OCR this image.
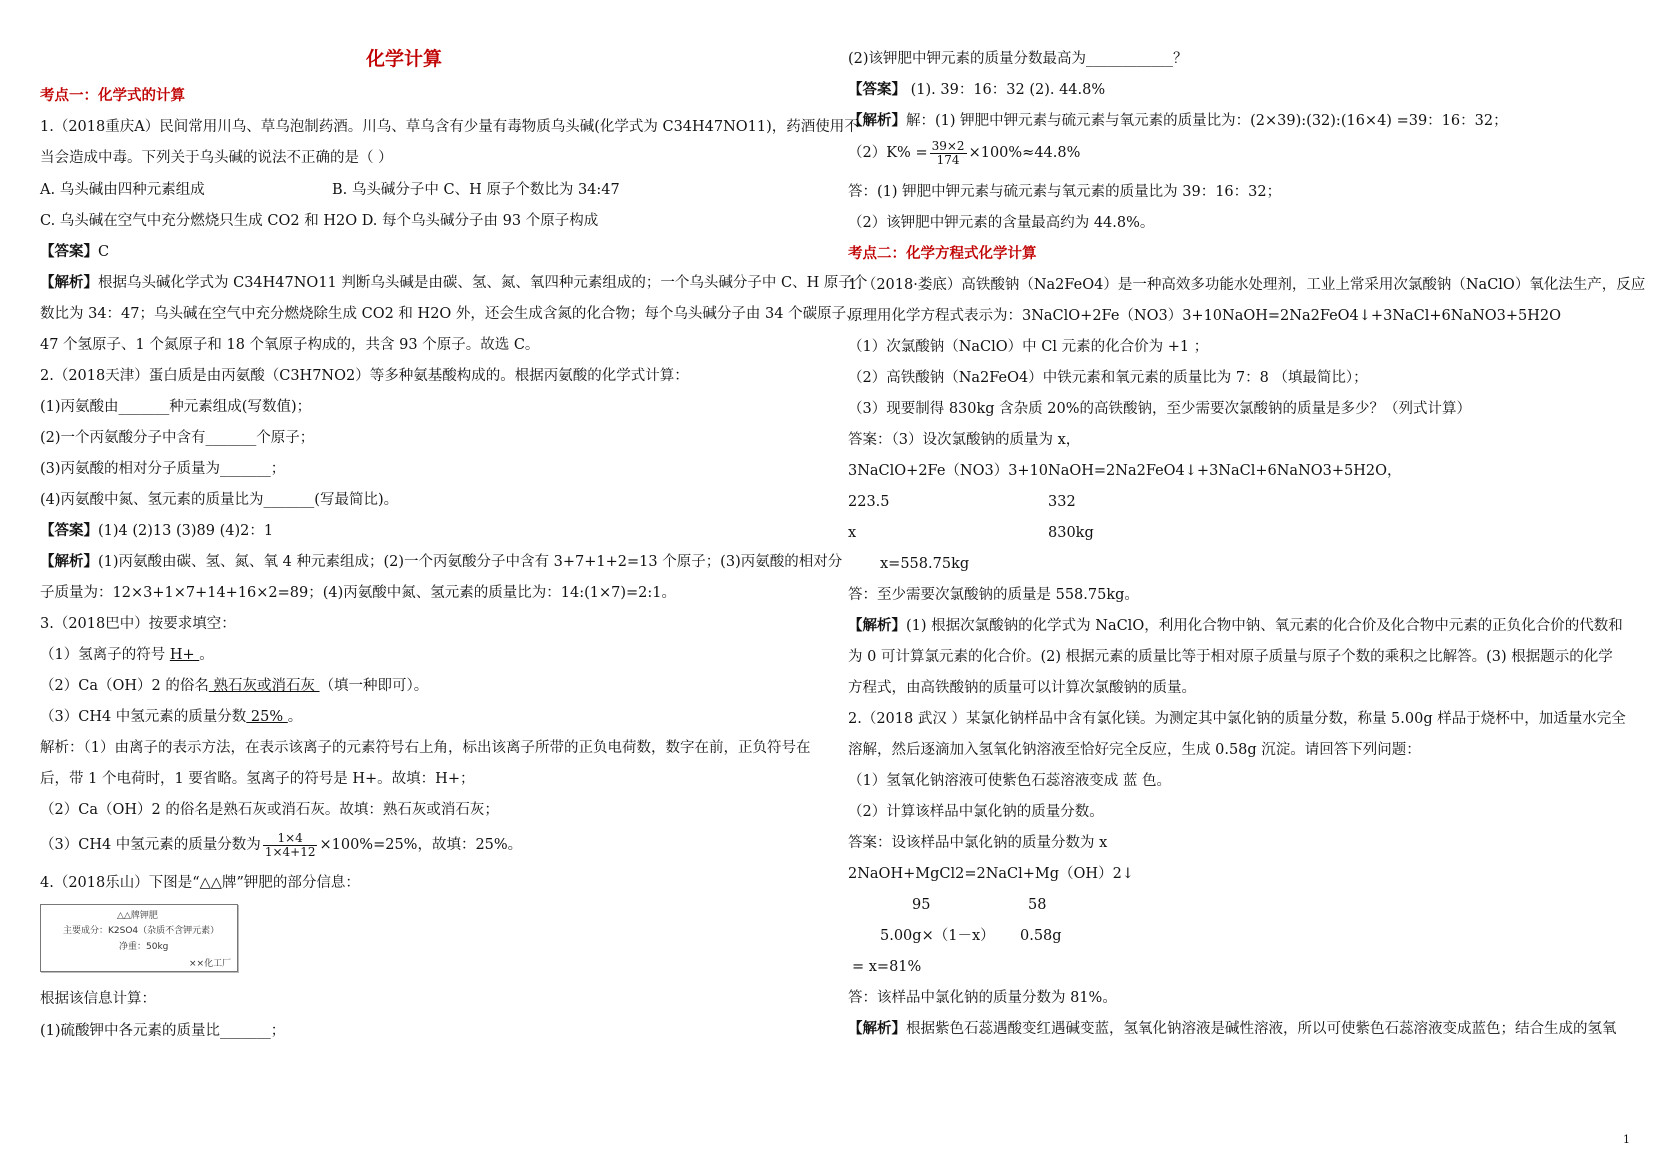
化学计算
考点一：化学式的计算
1.（2018重庆A）民间常用川乌、草乌泡制药酒。川乌、草乌含有少量有毒物质乌头碱(化学式为 C34H47NO11)，药酒使用不
当会造成中毒。下列关于乌头碱的说法不正确的是（ ）
A. 乌头碱由四种元素组成	B. 乌头碱分子中 C、H 原子个数比为 34:47
C. 乌头碱在空气中充分燃烧只生成 CO2 和 H2O D. 每个乌头碱分子由 93 个原子构成
【答案】C
【解析】根据乌头碱化学式为 C34H47NO11 判断乌头碱是由碳、氢、氮、氧四种元素组成的；一个乌头碱分子中 C、H 原子个
数比为 34：47；乌头碱在空气中充分燃烧除生成 CO2 和 H2O 外，还会生成含氮的化合物；每个乌头碱分子由 34 个碳原子、
47 个氢原子、1 个氮原子和 18 个氧原子构成的，共含 93 个原子。故选 C。
2.（2018天津）蛋白质是由丙氨酸（C3H7NO2）等多种氨基酸构成的。根据丙氨酸的化学式计算：
(1)丙氨酸由_______种元素组成(写数值)；
(2)一个丙氨酸分子中含有_______个原子；
(3)丙氨酸的相对分子质量为_______；
(4)丙氨酸中氮、氢元素的质量比为_______(写最简比)。
【答案】(1)4 (2)13 (3)89 (4)2：1
【解析】(1)丙氨酸由碳、氢、氮、氧 4 种元素组成；(2)一个丙氨酸分子中含有 3+7+1+2=13 个原子；(3)丙氨酸的相对分
子质量为：12×3+1×7+14+16×2=89；(4)丙氨酸中氮、氢元素的质量比为：14:(1×7)=2:1。
3.（2018巴中）按要求填空：
（1）氢离子的符号 H+ 。
（2）Ca（OH）2 的俗名 熟石灰或消石灰 （填一种即可）。
（3）CH4 中氢元素的质量分数 25% 。
解析：（1）由离子的表示方法，在表示该离子的元素符号右上角，标出该离子所带的正负电荷数，数字在前，正负符号在
后，带 1 个电荷时，1 要省略。氢离子的符号是 H+。故填：H+；
（2）Ca（OH）2 的俗名是熟石灰或消石灰。故填：熟石灰或消石灰；
（3）CH4 中氢元素的质量分数为 $\frac{1\times 4}{1\times 4+12} \times 100\%=25\%$，故填：25%。
4.（2018乐山）下图是“△△牌”钾肥的部分信息：
△△牌钾肥
主要成分：K2SO4（杂质不含钾元素）
净重：50kg
××化工厂
根据该信息计算：
(1)硫酸钾中各元素的质量比_______；
(2)该钾肥中钾元素的质量分数最高为____________？
【答案】 (1). 39：16：32 (2). 44.8%
【解析】解：(1) 钾肥中钾元素与硫元素与氧元素的质量比为：(2×39):(32):(16×4) =39：16：32；
$(2)K\% = \frac{39\times 2}{174} \times 100\%\approx 44.8\%$
答：(1) 钾肥中钾元素与硫元素与氧元素的质量比为 39：16：32；
（2）该钾肥中钾元素的含量最高约为 44.8%。
考点二：化学方程式化学计算
1.（2018·娄底）高铁酸钠（Na2FeO4）是一种高效多功能水处理剂，工业上常采用次氯酸钠（NaClO）氧化法生产，反应
原理用化学方程式表示为：3NaClO+2Fe（NO3）3+10NaOH=2Na2FeO4↓+3NaCl+6NaNO3+5H2O
（1）次氯酸钠（NaClO）中 Cl 元素的化合价为 +1 ；
（2）高铁酸钠（Na2FeO4）中铁元素和氧元素的质量比为 7：8 （填最简比）；
（3）现要制得 830kg 含杂质 20%的高铁酸钠，至少需要次氯酸钠的质量是多少？（列式计算）
答案：（3）设次氯酸钠的质量为 x，
3NaClO+2Fe（NO3）3+10NaOH=2Na2FeO4↓+3NaCl+6NaNO3+5H2O，
223.5	332
x	830kg
x=558.75kg
答：至少需要次氯酸钠的质量是 558.75kg。
【解析】(1) 根据次氯酸钠的化学式为 NaClO，利用化合物中钠、氧元素的化合价及化合物中元素的正负化合价的代数和
为 0 可计算氯元素的化合价。(2) 根据元素的质量比等于相对原子质量与原子个数的乘积之比解答。(3) 根据题示的化学
方程式，由高铁酸钠的质量可以计算次氯酸钠的质量。
2.（2018 武汉 ）某氯化钠样品中含有氯化镁。为测定其中氯化钠的质量分数，称量 5.00g 样品于烧杯中，加适量水完全
溶解，然后逐滴加入氢氧化钠溶液至恰好完全反应，生成 0.58g 沉淀。请回答下列问题：
（1）氢氧化钠溶液可使紫色石蕊溶液变成 蓝 色。
（2）计算该样品中氯化钠的质量分数。
答案：设该样品中氯化钠的质量分数为 x
2NaOH+MgCl2=2NaCl+Mg（OH）2↓
95	58
5.00g×（1－x） 0.58g
= x=81%
答：该样品中氯化钠的质量分数为 81%。
【解析】根据紫色石蕊遇酸变红遇碱变蓝，氢氧化钠溶液是碱性溶液，所以可使紫色石蕊溶液变成蓝色；结合生成的氢氧
1
